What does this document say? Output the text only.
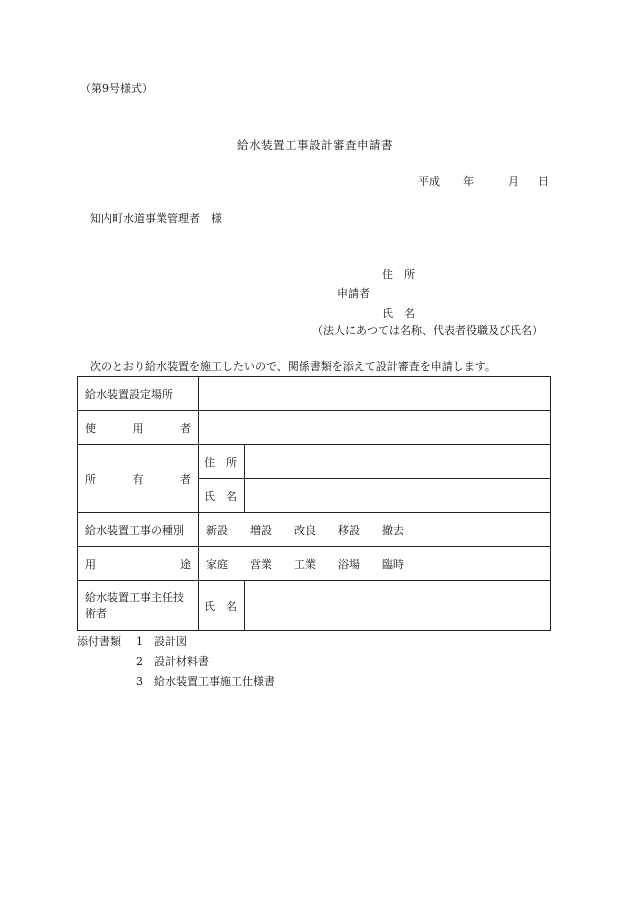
（第9号様式）
給水装置工事設計審査申請書
平成 年	月 日
知内町水道事業管理者　様
住　所
申請者
氏　名
（法人にあつては名称、代表者役職及び氏名）
次のとおり給水装置を施工したいので、関係書類を添えて設計審査を申請します。
給水装置設定場所		

使 用 者		

所 有 者	住　所	
	氏　名	
給水装置工事の種別	新設 増設 改良 移設 撤去	

用 途	家庭 営業 工業 浴場 臨時	
給水装置工事主任技術者	氏　名	
添付書類 1 設計図
2 設計材料書
3 給水装置工事施工仕様書
